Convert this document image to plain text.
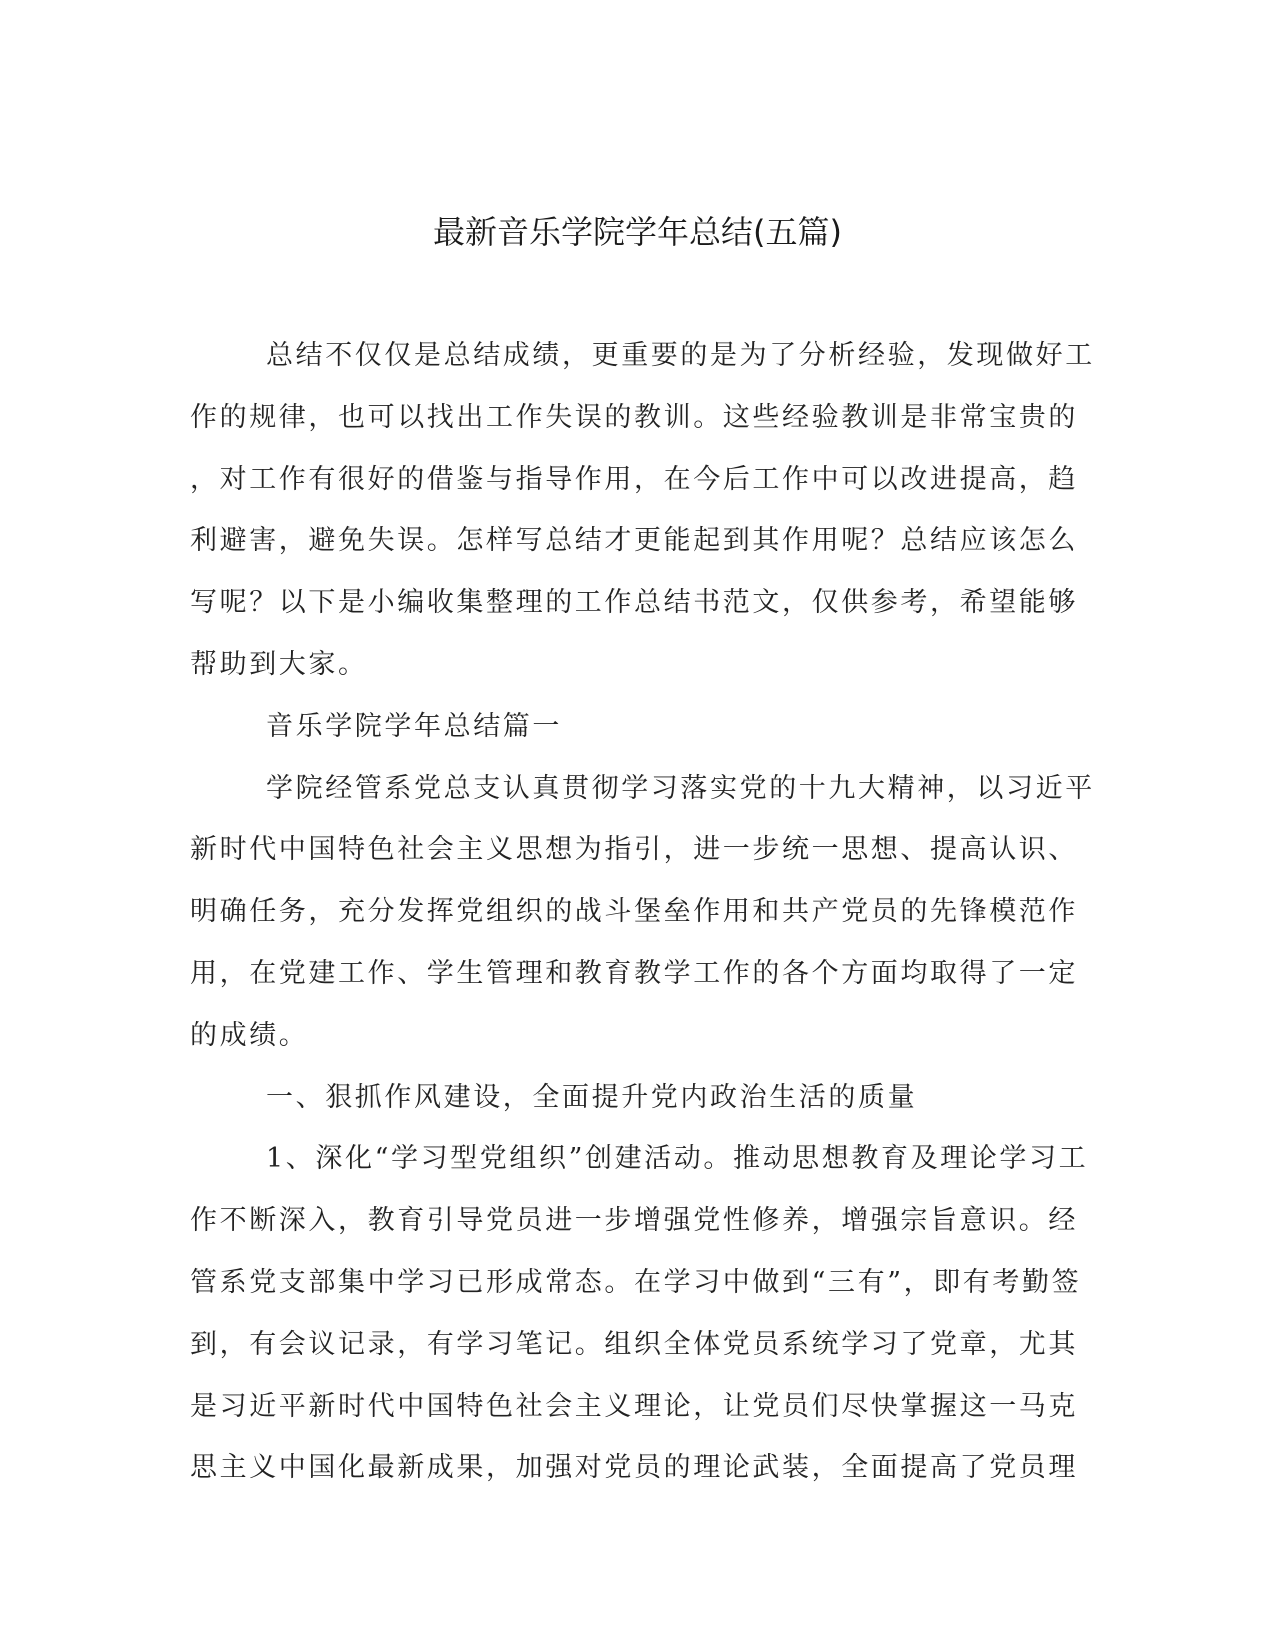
最新音乐学院学年总结(五篇)

总结不仅仅是总结成绩，更重要的是为了分析经验，发现做好工

作的规律，也可以找出工作失误的教训。这些经验教训是非常宝贵的

，对工作有很好的借鉴与指导作用，在今后工作中可以改进提高，趋

利避害，避免失误。怎样写总结才更能起到其作用呢？总结应该怎么

写呢？以下是小编收集整理的工作总结书范文，仅供参考，希望能够

帮助到大家。

音乐学院学年总结篇一

学院经管系党总支认真贯彻学习落实党的十九大精神，以习近平

新时代中国特色社会主义思想为指引，进一步统一思想、提高认识、

明确任务，充分发挥党组织的战斗堡垒作用和共产党员的先锋模范作

用，在党建工作、学生管理和教育教学工作的各个方面均取得了一定

的成绩。

一、狠抓作风建设，全面提升党内政治生活的质量

1、深化“学习型党组织”创建活动。推动思想教育及理论学习工

作不断深入，教育引导党员进一步增强党性修养，增强宗旨意识。经

管系党支部集中学习已形成常态。在学习中做到“三有”，即有考勤签

到，有会议记录，有学习笔记。组织全体党员系统学习了党章，尤其

是习近平新时代中国特色社会主义理论，让党员们尽快掌握这一马克

思主义中国化最新成果，加强对党员的理论武装，全面提高了党员理
